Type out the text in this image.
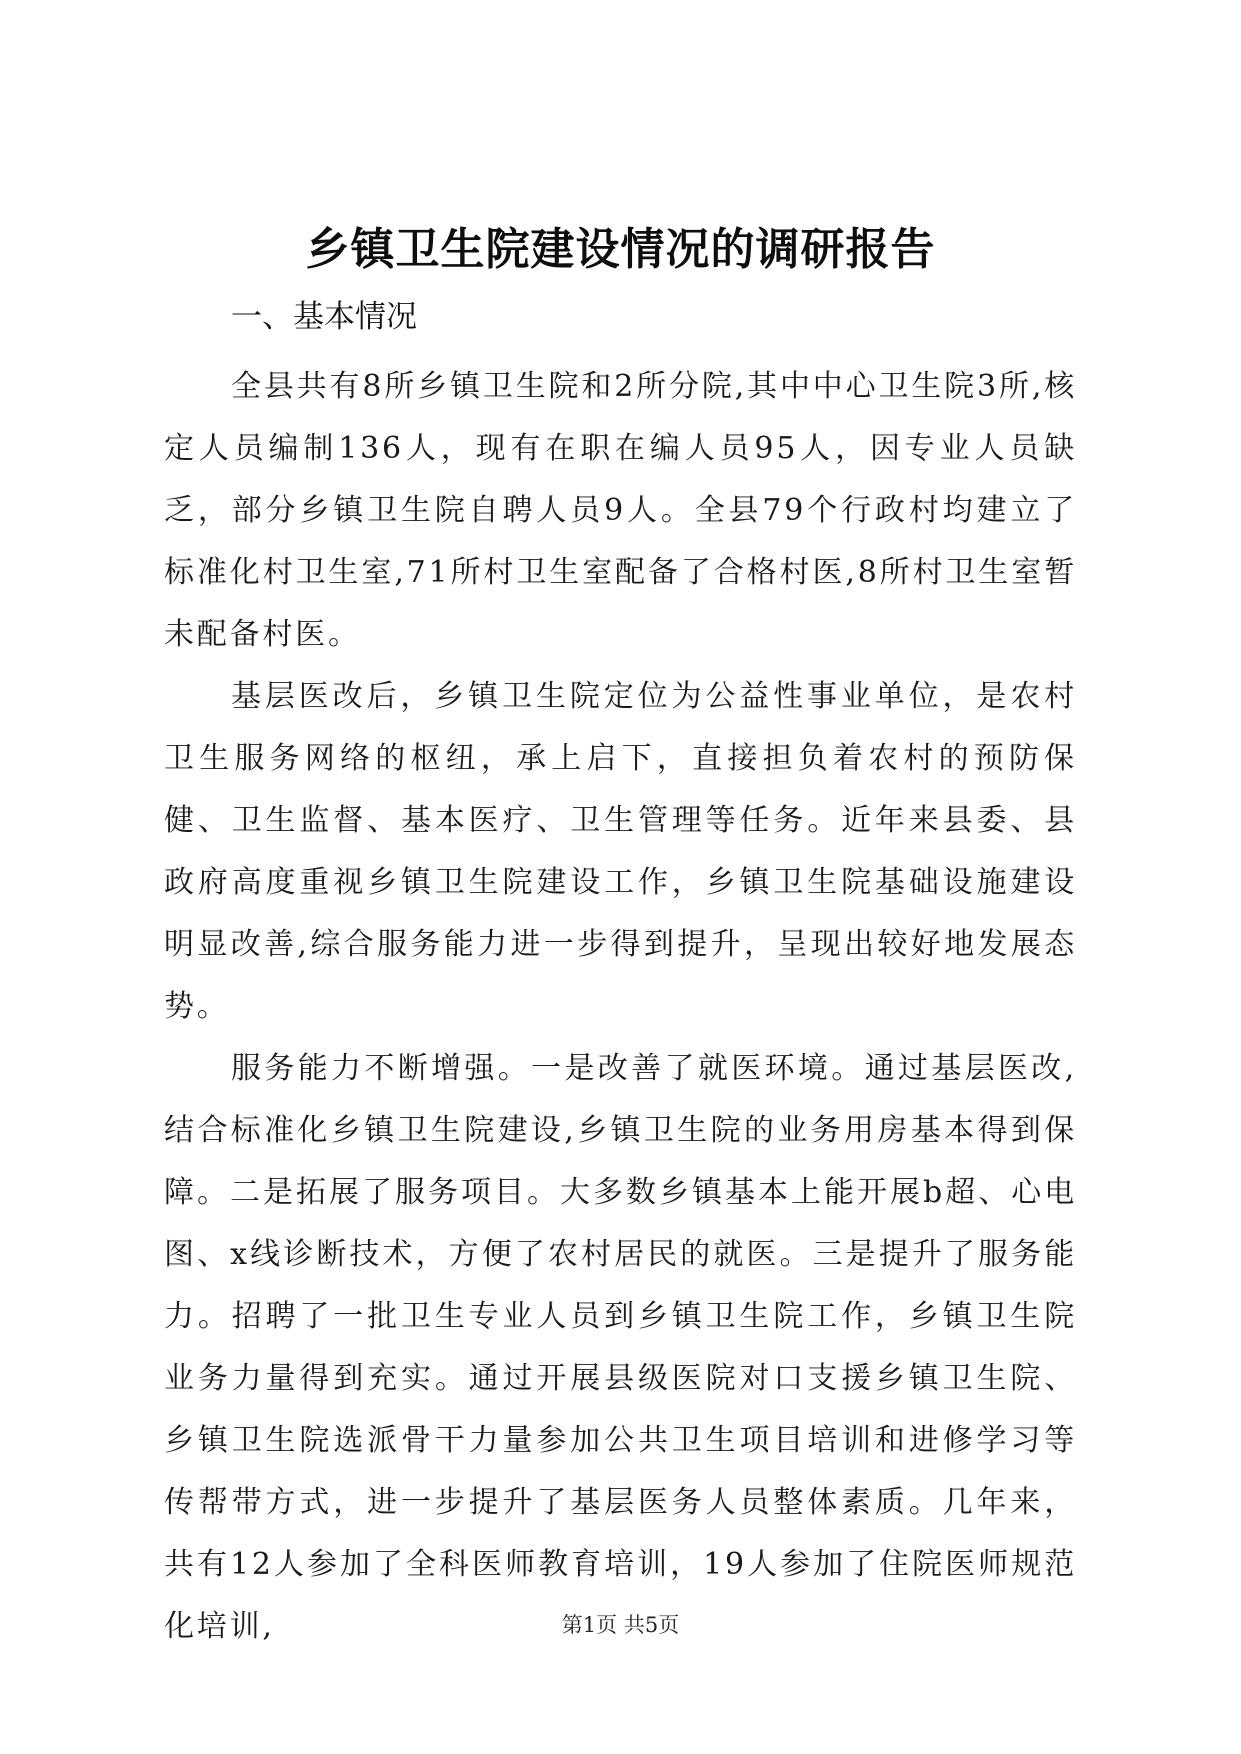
乡镇卫生院建设情况的调研报告
一、基本情况

全县共有8所乡镇卫生院和2所分院,其中中心卫生院3所,核定人员编制136人，现有在职在编人员95人，因专业人员缺乏，部分乡镇卫生院自聘人员9人。全县79个行政村均建立了标准化村卫生室,71所村卫生室配备了合格村医,8所村卫生室暂未配备村医。

基层医改后，乡镇卫生院定位为公益性事业单位，是农村卫生服务网络的枢纽，承上启下，直接担负着农村的预防保健、卫生监督、基本医疗、卫生管理等任务。近年来县委、县政府高度重视乡镇卫生院建设工作，乡镇卫生院基础设施建设明显改善,综合服务能力进一步得到提升，呈现出较好地发展态势。

服务能力不断增强。一是改善了就医环境。通过基层医改,结合标准化乡镇卫生院建设,乡镇卫生院的业务用房基本得到保障。二是拓展了服务项目。大多数乡镇基本上能开展b超、心电图、x线诊断技术，方便了农村居民的就医。三是提升了服务能力。招聘了一批卫生专业人员到乡镇卫生院工作，乡镇卫生院业务力量得到充实。通过开展县级医院对口支援乡镇卫生院、乡镇卫生院选派骨干力量参加公共卫生项目培训和进修学习等传帮带方式，进一步提升了基层医务人员整体素质。几年来，共有12人参加了全科医师教育培训，19人参加了住院医师规范化培训,	第1页 共5页
